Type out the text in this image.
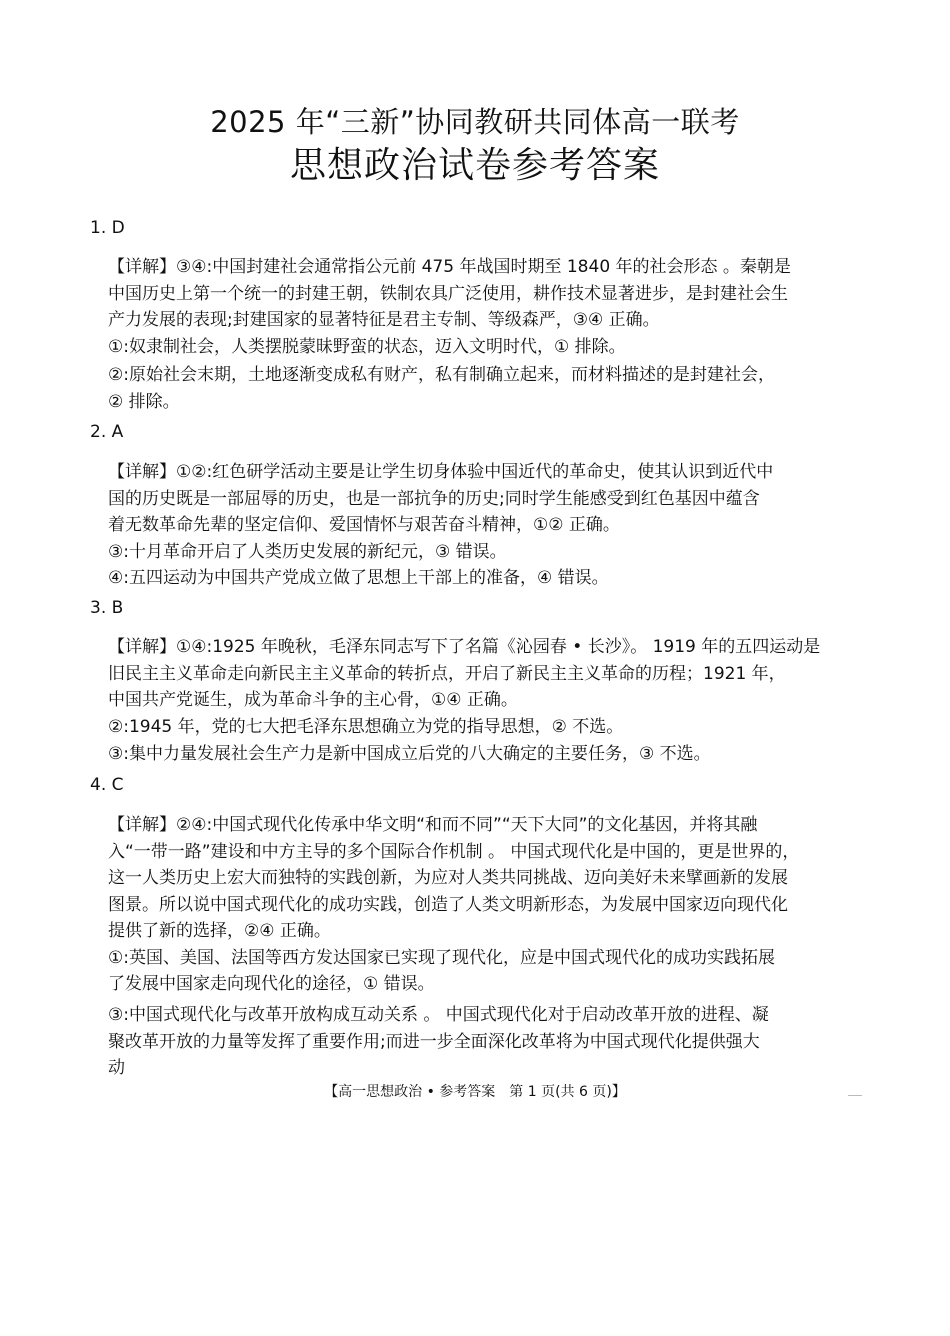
2025 年“三新”协同教研共同体高一联考
思想政治试卷参考答案
1. D
【详解】③④:中国封建社会通常指公元前 475 年战国时期至 1840 年的社会形态 。秦朝是
中国历史上第一个统一的封建王朝，铁制农具广泛使用，耕作技术显著进步，是封建社会生
产力发展的表现;封建国家的显著特征是君主专制、等级森严，③④ 正确。
①:奴隶制社会，人类摆脱蒙昧野蛮的状态，迈入文明时代，① 排除。
②:原始社会末期，土地逐渐变成私有财产，私有制确立起来，而材料描述的是封建社会，
② 排除。
2. A
【详解】①②:红色研学活动主要是让学生切身体验中国近代的革命史，使其认识到近代中
国的历史既是一部屈辱的历史，也是一部抗争的历史;同时学生能感受到红色基因中蕴含
着无数革命先辈的坚定信仰、爱国情怀与艰苦奋斗精神，①② 正确。
③:十月革命开启了人类历史发展的新纪元，③ 错误。
④:五四运动为中国共产党成立做了思想上干部上的准备，④ 错误。
3. B
【详解】①④:1925 年晚秋，毛泽东同志写下了名篇《沁园春 • 长沙》。 1919 年的五四运动是
旧民主主义革命走向新民主主义革命的转折点，开启了新民主主义革命的历程；1921 年，
中国共产党诞生，成为革命斗争的主心骨，①④ 正确。
②:1945 年，党的七大把毛泽东思想确立为党的指导思想，② 不选。
③:集中力量发展社会生产力是新中国成立后党的八大确定的主要任务，③ 不选。
4. C
【详解】②④:中国式现代化传承中华文明“和而不同”“天下大同”的文化基因，并将其融
入“一带一路”建设和中方主导的多个国际合作机制 。 中国式现代化是中国的，更是世界的，
这一人类历史上宏大而独特的实践创新，为应对人类共同挑战、迈向美好未来擘画新的发展
图景。所以说中国式现代化的成功实践，创造了人类文明新形态，为发展中国家迈向现代化
提供了新的选择，②④ 正确。
①:英国、美国、法国等西方发达国家已实现了现代化，应是中国式现代化的成功实践拓展
了发展中国家走向现代化的途径，① 错误。
③:中国式现代化与改革开放构成互动关系 。 中国式现代化对于启动改革开放的进程、凝
聚改革开放的力量等发挥了重要作用;而进一步全面深化改革将为中国式现代化提供强大
动
【高一思想政治 • 参考答案　第 1 页(共 6 页)】
